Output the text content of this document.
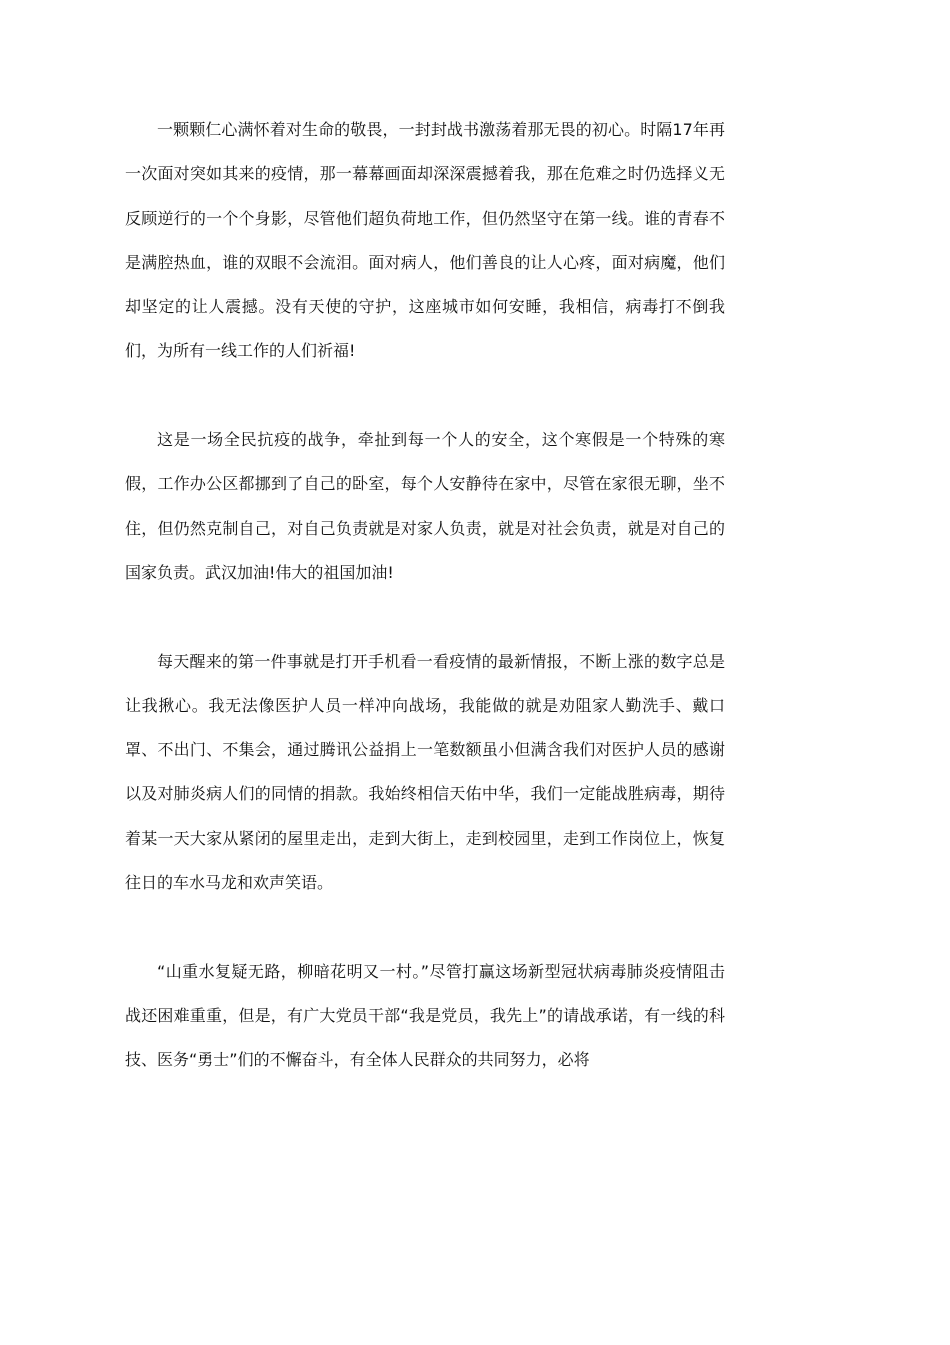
一颗颗仁心满怀着对生命的敬畏，一封封战书激荡着那无畏的初心。时隔17年再一次面对突如其来的疫情，那一幕幕画面却深深震撼着我，那在危难之时仍选择义无反顾逆行的一个个身影，尽管他们超负荷地工作，但仍然坚守在第一线。谁的青春不是满腔热血，谁的双眼不会流泪。面对病人，他们善良的让人心疼，面对病魔，他们却坚定的让人震撼。没有天使的守护，这座城市如何安睡，我相信，病毒打不倒我们，为所有一线工作的人们祈福!

这是一场全民抗疫的战争，牵扯到每一个人的安全，这个寒假是一个特殊的寒假，工作办公区都挪到了自己的卧室，每个人安静待在家中，尽管在家很无聊，坐不住，但仍然克制自己，对自己负责就是对家人负责，就是对社会负责，就是对自己的国家负责。武汉加油!伟大的祖国加油!

每天醒来的第一件事就是打开手机看一看疫情的最新情报，不断上涨的数字总是让我揪心。我无法像医护人员一样冲向战场，我能做的就是劝阻家人勤洗手、戴口罩、不出门、不集会，通过腾讯公益捐上一笔数额虽小但满含我们对医护人员的感谢以及对肺炎病人们的同情的捐款。我始终相信天佑中华，我们一定能战胜病毒，期待着某一天大家从紧闭的屋里走出，走到大街上，走到校园里，走到工作岗位上，恢复往日的车水马龙和欢声笑语。

“山重水复疑无路，柳暗花明又一村。”尽管打赢这场新型冠状病毒肺炎疫情阻击战还困难重重，但是，有广大党员干部“我是党员，我先上”的请战承诺，有一线的科技、医务“勇士”们的不懈奋斗，有全体人民群众的共同努力，必将
